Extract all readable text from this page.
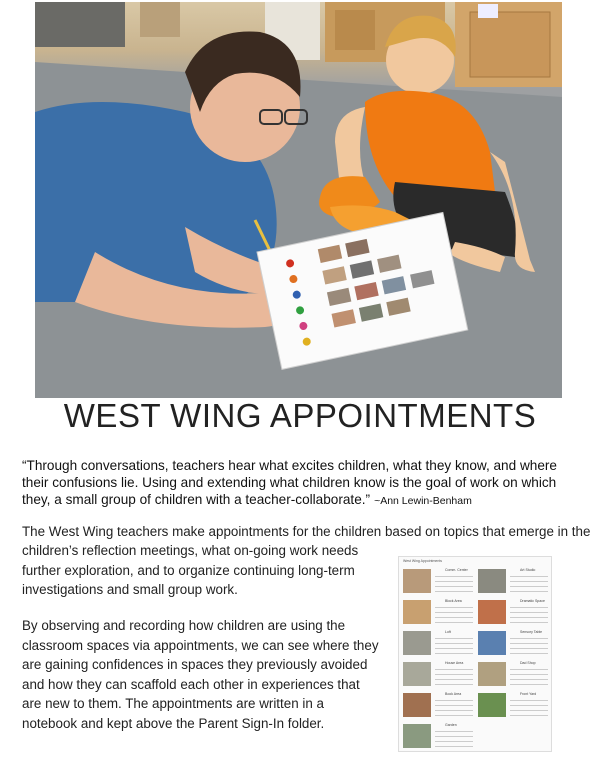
WEST WING APPOINTMENTS
“Through conversations, teachers hear what excites children, what they know, and where their confusions lie. Using and extending what children know is the goal of work on which they, a small group of children with a teacher-collaborate.” ~Ann Lewin-Benham
The West Wing teachers make appointments for the children based on topics that emerge in the
children’s reflection meetings, what on-going work needs further exploration, and to organize continuing long-term investigations and small group work.
By observing and recording how children are using the classroom spaces via appointments, we can see where they are gaining confidences in spaces they previously avoided and how they can scaffold each other in experiences that are new to them. The appointments are written in a notebook and kept above the Parent Sign-In folder.
West Wing Appointments
Comm. Center	Art Studio
Block Area	Dramatic Space
Loft	Sensory Table
House Area	Dad Shop
Book Area	Front Yard
Garden
